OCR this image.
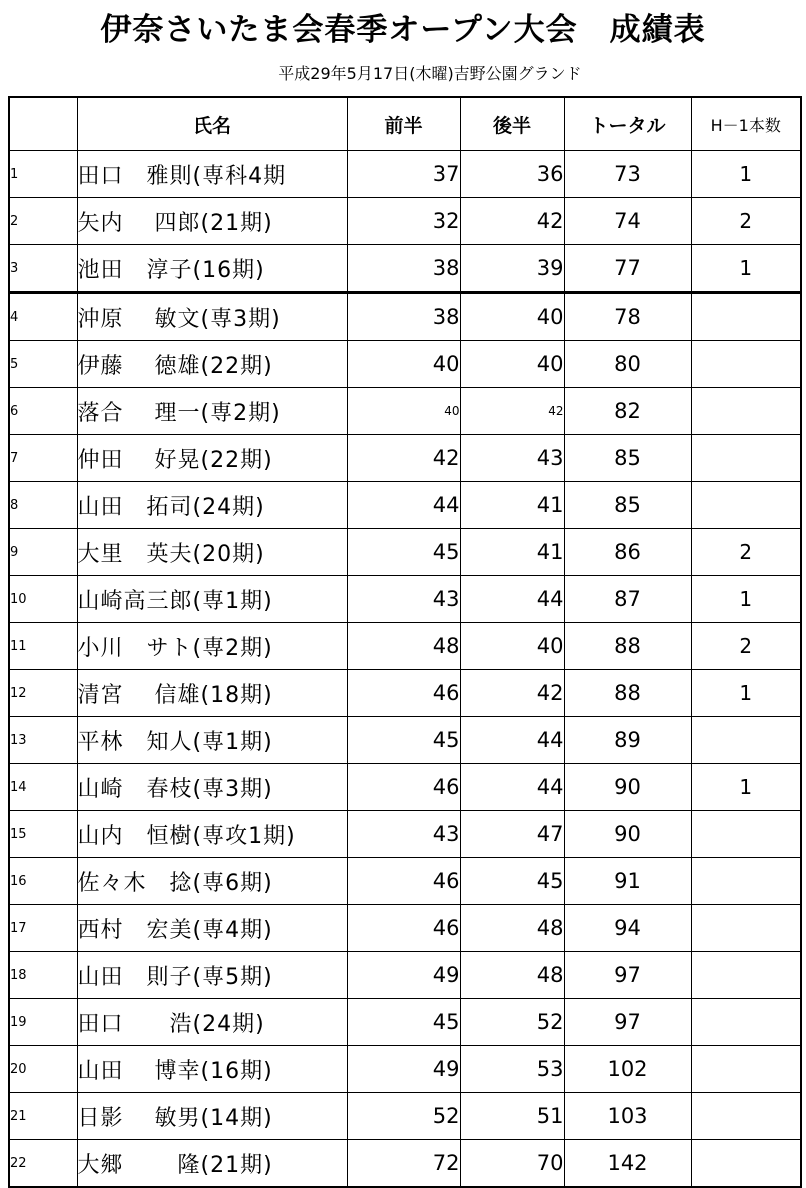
伊奈さいたま会春季オープン大会　成績表
平成29年5月17日(木曜)吉野公園グランド
	氏名	前半	後半	トータル	H－1本数
1	田口　雅則(専科4期	37	36	73	1
2	矢内　 四郎(21期)	32	42	74	2
3	池田　淳子(16期)	38	39	77	1
4	沖原　 敏文(専3期)	38	40	78	
5	伊藤　 徳雄(22期)	40	40	80	
6	落合　 理一(専2期)	40	42	82	
7	仲田　 好晃(22期)	42	43	85	
8	山田　拓司(24期)	44	41	85	
9	大里　英夫(20期)	45	41	86	2
10	山崎高三郎(専1期)	43	44	87	1
11	小川　サト(専2期)	48	40	88	2
12	清宮　 信雄(18期)	46	42	88	1
13	平林　知人(専1期)	45	44	89	
14	山崎　春枝(専3期)	46	44	90	1
15	山内　恒樹(専攻1期)	43	47	90	
16	佐々木　捻(専6期)	46	45	91	
17	西村　宏美(専4期)	46	48	94	
18	山田　則子(専5期)	49	48	97	
19	田口　　浩(24期)	45	52	97	
20	山田　 博幸(16期)	49	53	102	
21	日影　 敏男(14期)	52	51	103	
22	大郷　　 隆(21期)	72	70	142	
